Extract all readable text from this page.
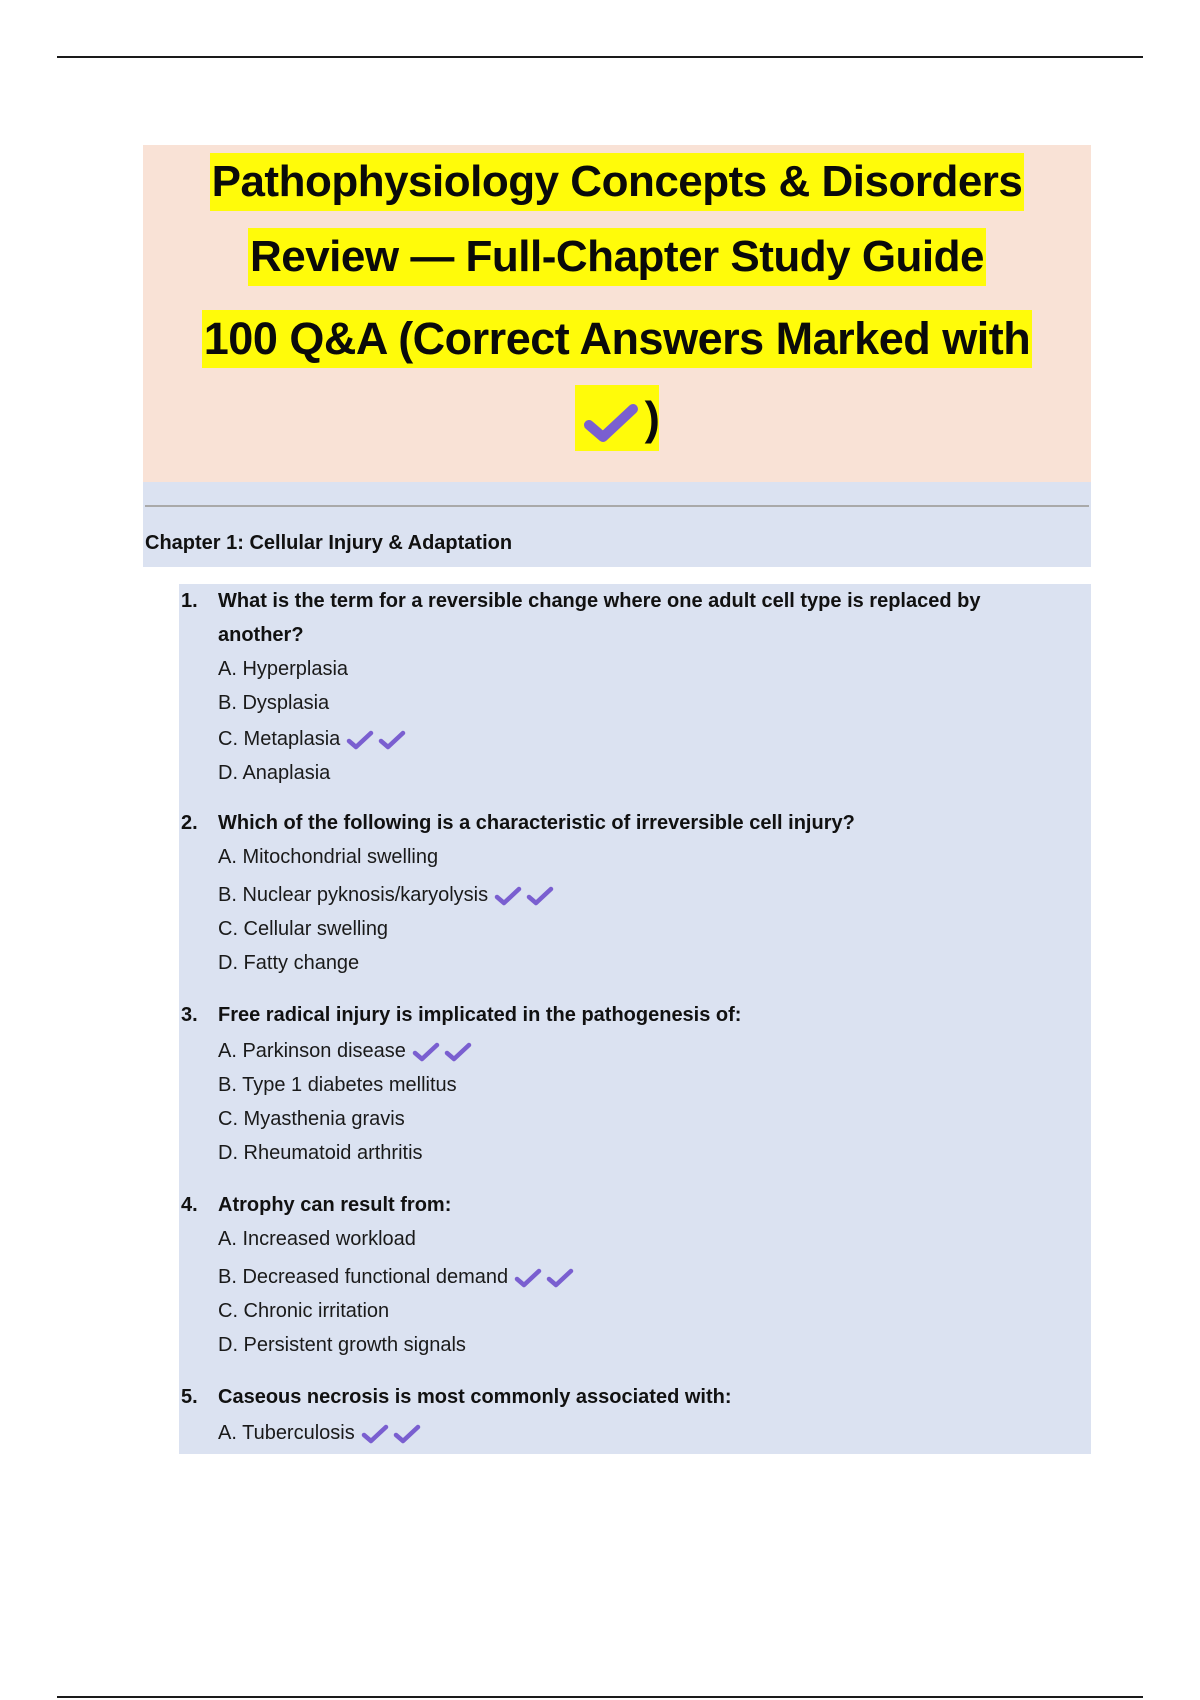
Pathophysiology Concepts & Disorders
Review — Full-Chapter Study Guide
100 Q&A (Correct Answers Marked with
)
Chapter 1: Cellular Injury & Adaptation
1. What is the term for a reversible change where one adult cell type is replaced by another?
A. Hyperplasia
B. Dysplasia
C. Metaplasia
D. Anaplasia
2. Which of the following is a characteristic of irreversible cell injury?
A. Mitochondrial swelling
B. Nuclear pyknosis/karyolysis
C. Cellular swelling
D. Fatty change
3. Free radical injury is implicated in the pathogenesis of:
A. Parkinson disease
B. Type 1 diabetes mellitus
C. Myasthenia gravis
D. Rheumatoid arthritis
4. Atrophy can result from:
A. Increased workload
B. Decreased functional demand
C. Chronic irritation
D. Persistent growth signals
5. Caseous necrosis is most commonly associated with:
A. Tuberculosis
